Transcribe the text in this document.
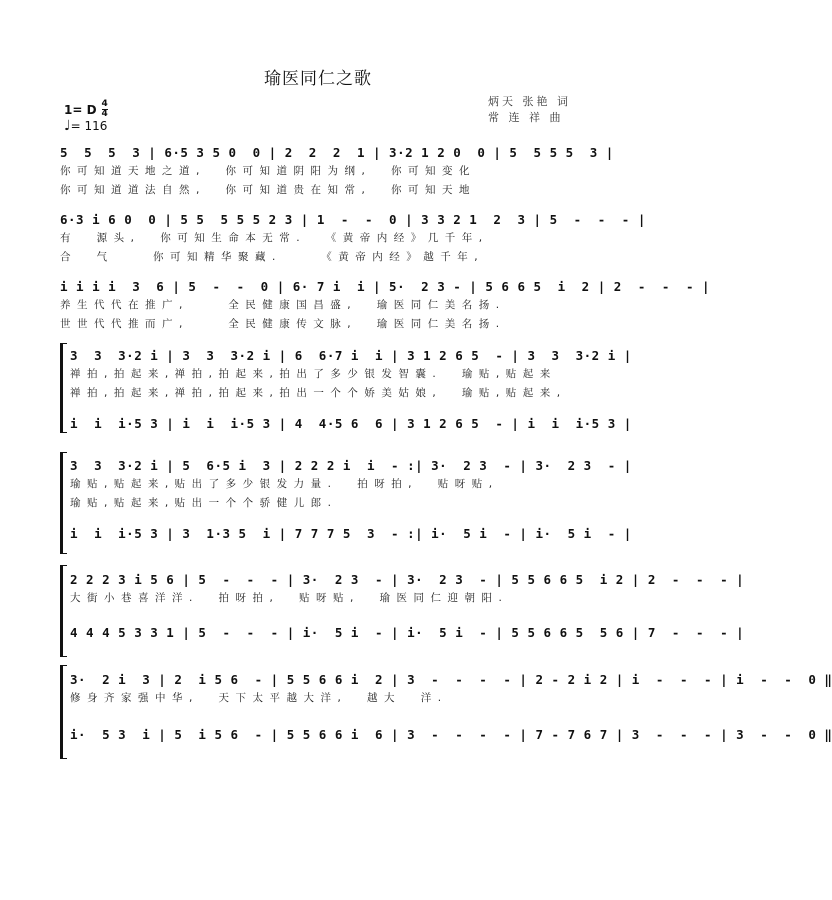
瑜医同仁之歌
炳天 张艳 词
常 连 祥 曲
1= D 4
4
♩= 116
5  5  5  3 | 6·5 3 5 0  0 | 2  2  2  1 | 3·2 1 2 0  0 | 5  5 5 5  3 |
你可知道天地之道,  你可知道阴阳为纲,  你可知变化
你可知道道法自然,  你可知道贵在知常,  你可知天地
6·3 i 6 0  0 | 5 5  5 5 5 2 3 | 1  -  -  0 | 3 3 2 1  2  3 | 5  -  -  - |
有  源头,  你可知生命本无常.  《黄帝内经》几千年,
合  气    你可知精华聚藏.    《黄帝内经》越千年,
i i i i  3  6 | 5  -  -  0 | 6· 7 i  i | 5·  2 3 - | 5 6 6 5  i  2 | 2  -  -  - |
养生代代在推广,    全民健康国昌盛,  瑜医同仁美名扬.
世世代代推而广,    全民健康传文脉,  瑜医同仁美名扬.
3  3  3·2 i | 3  3  3·2 i | 6  6·7 i  i | 3 1 2 6 5  - | 3  3  3·2 i |
禅拍,拍起来,禅拍,拍起来,拍出了多少银发智囊.  瑜贴,贴起来
禅拍,拍起来,禅拍,拍起来,拍出一个个娇美姑娘,  瑜贴,贴起来,
i  i  i·5 3 | i  i  i·5 3 | 4  4·5 6  6 | 3 1 2 6 5  - | i  i  i·5 3 |
3  3  3·2 i | 5  6·5 i  3 | 2 2 2 i  i  - :| 3·  2 3  - | 3·  2 3  - |
瑜贴,贴起来,贴出了多少银发力量.  拍呀拍,  贴呀贴,
瑜贴,贴起来,贴出一个个骄健儿郎.
i  i  i·5 3 | 3  1·3 5  i | 7 7 7 5  3  - :| i·  5 i  - | i·  5 i  - |
2 2 2 3 i 5 6 | 5  -  -  - | 3·  2 3  - | 3·  2 3  - | 5 5 6 6 5  i 2 | 2  -  -  - |
大街小巷喜洋洋.  拍呀拍,  贴呀贴,  瑜医同仁迎朝阳.
4 4 4 5 3 3 1 | 5  -  -  - | i·  5 i  - | i·  5 i  - | 5 5 6 6 5  5 6 | 7  -  -  - |
3·  2 i  3 | 2  i 5 6  - | 5 5 6 6 i  2 | 3  -  -  -  - | 2 - 2 i 2 | i  -  -  - | i  -  -  0 ‖
修身齐家强中华,  天下太平越大洋,  越大  洋.
i·  5 3  i | 5  i 5 6  - | 5 5 6 6 i  6 | 3  -  -  -  - | 7 - 7 6 7 | 3  -  -  - | 3  -  -  0 ‖
